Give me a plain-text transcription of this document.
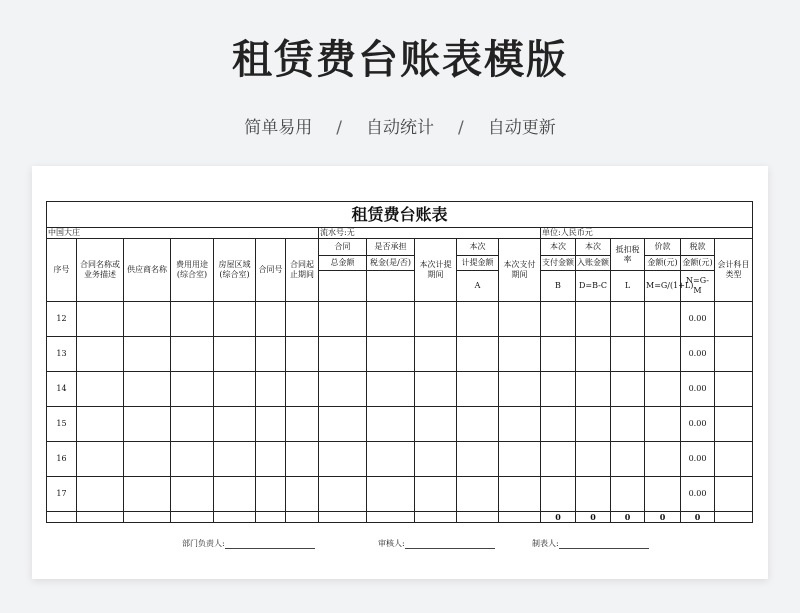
租赁费台账表模版
简单易用 / 自动统计 / 自动更新
租赁费台账表																	
中国大庄							流水号:无					单位:人民币元					
序号	合同名称或业务描述	供应商名称	费用用途(综合室)	房屋区域(综合室)	合同号	合同起止期间	合同	是否承担	本次计提期间	本次	本次支付期间	本次	本次	抵扣税率	价款	税款	会计科目类型
							总金额	税金(是/否)		计提金额		支付金额	入账金额		金额(元)	金额(元)	
										A		B	D=B-C	L	M=G/(1+L)	N=G-M	
12																0.00	
13																0.00	
14																0.00	
15																0.00	
16																0.00	
17																0.00	
												0	0	0	0	0	
部门负责人:	审核人:	制表人:
